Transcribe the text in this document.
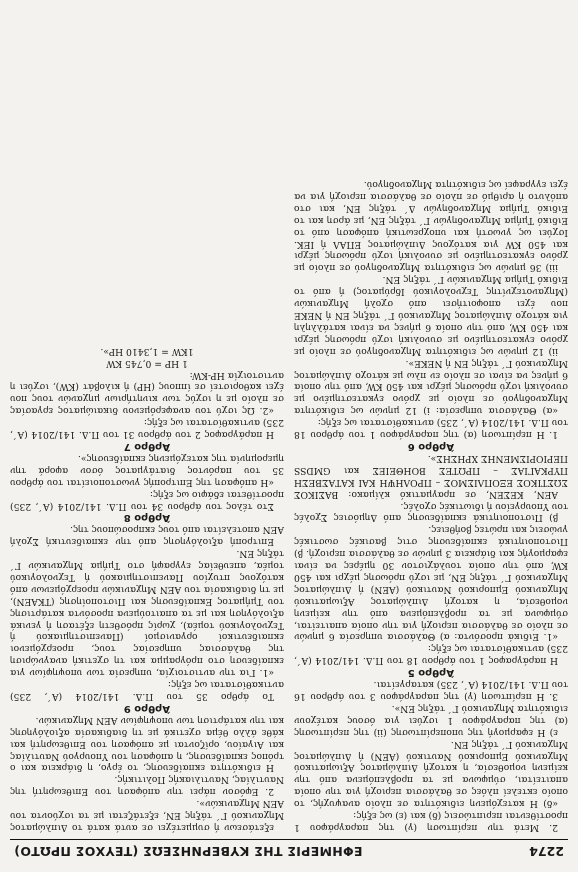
2274
ΕΦΗΜΕΡΙΣ ΤΗΣ ΚΥΒΕΡΝΗΣΕΩΣ (ΤΕΥΧΟΣ ΠΡΩΤΟ)

2. Μετά την περίπτωση (γ) της παραγράφου 1 προστίθενται περιπτώσεις (δ) και (ε) ως εξής:

«δ) Η κατεχόμενη ειδικότητα σε πλοίο αναψυχής, το οποίο εκτελεί πλόες σε θαλάσσια περιοχή για την οποία απαιτείται, σύμφωνα με τα προβλεπόμενα από την κείμενη νομοθεσία, η κατοχή Διπλώματος Αξιωματικού Μηχανικού Εμπορικού Ναυτικού (ΑΕΝ) ή Διπλώματος Μηχανικού Γ΄ τάξης ΕΝ.

ε) Η εφαρμογή της υποπερίπτωσης (ii) της περίπτωσης (α) της παραγράφου 1 ισχύει για όσους κατέχουν ειδικότητα Μηχανικού Γ΄ τάξης ΕΝ».

3. Η περίπτωση (γ) της παραγράφου 3 του άρθρου 16 του Π.Δ. 141/2014 (Α΄, 235) καταργείται.

Άρθρο 5

Η παράγραφος 1 του άρθρου 18 του Π.Δ. 141/2014 (Α΄, 235) αντικαθίσταται ως εξής:

«1. Ειδικά προσόντα: α) Θαλάσσια υπηρεσία 6 μηνών σε πλοίο σε θαλάσσια περιοχή για την οποία απαιτείται, σύμφωνα με τα προβλεπόμενα από την κείμενη νομοθεσία, η κατοχή Διπλώματος Αξιωματικού Μηχανικού Εμπορικού Ναυτικού (ΑΕΝ) ή Διπλώματος Μηχανικού Γ΄ τάξης ΕΝ, με ισχύ πρόωσης μέχρι και 450 KW, από την οποία τουλάχιστον 30 ημέρες να είναι εφαρμογής και διάρκεια 3 μηνών σε θαλάσσια περιοχή. β) Πιστοποιητικά εκπαίδευσης στις βασικές σωστικές γνώσεις και πρώτες βοήθειες.

β) Πιστοποιητικά εκπαίδευσης από Δημόσιες Σχολές του Υπουργείου ή ιδιωτικές σχολές.

ΑΕΝ, ΚΕΣΕΝ, σε πραγματικό κλίμακο: ΒΑΣΙΚΟΣ ΣΩΣΤΙΚΟΣ ΕΞΟΠΛΙΣΜΟΣ – ΠΡΟΛΗΨΗ ΚΑΙ ΚΑΤΑΣΒΕΣΗ ΠΥΡΚΑΓΙΑΣ – ΠΡΩΤΕΣ ΒΟΗΘΕΙΕΣ και GMDSS ΠΕΡΙΟΡΙΣΜΕΝΗΣ ΧΡΗΣΗΣ».

Άρθρο 6

1. Η περίπτωση (α) της παραγράφου 1 του άρθρου 18 του Π.Δ. 141/2014 (Α΄, 235) αντικαθίσταται ως εξής:

«α) Θαλάσσια υπηρεσία: i) 12 μηνών ως ειδικότητα Μηχανοδηγού σε πλοίο με χρόνο εγκατεστημένο με συνολική ισχύ πρόωσης μέχρι και 450 KW, από την οποία 6 μήνες να είναι σε πλοίο εν πλω με κάτοχο Διπλώματος Μηχανικού Γ΄ τάξης ΕΝ ή ΝΕΚΕ».

ii) 12 μηνών ως ειδικότητα Μηχανοδηγού σε πλοίο με χρόνο εγκατεστημένο με συνολική ισχύ πρόωσης μέχρι και 450 KW, από την οποία 6 μήνες να είναι κατάλληλη για κάτοχο Διπλώματος Μηχανικού Γ΄ τάξης ΕΝ ή ΝΕΚΕ που έχει αποφοιτήσει από σχολή Μηχανικών (Μηχανοτεχνίτης Τεχνολογικού Ιδρύματος) ή από το Ειδικό Τμήμα Μηχανικών Γ΄ τάξης ΕΝ.

iii) 36 μηνών ως ειδικότητα Μηχανοδηγού σε πλοίο με χρόνο εγκατεστημένο με συνολική ισχύ πρόωσης μέχρι και 450 KW για κατόχους Διπλώματος ΕΠΑΛ ή ΙΕΚ. Ισχύει ως γνωστή και υποχρεωτική απόφαση από το Ειδικό Τμήμα Μηχανοδηγών Γ΄ τάξης ΕΝ, με άρση και το Ειδικό Τμήμα Μηχανοδηγών Δ΄ τάξης ΕΝ, και στο απόλυτο ή αριθμό σε πλοίο σε θαλάσσια περιοχή για να έχει εγγραφεί ως ειδικότητα Μηχανοδηγού.

εξετάσεων ή συμμετέχει σε αυτά κατά το Διπλώματος Μηχανικού Γ΄ τάξης ΕΝ, εξετάζεται με τα ισχύοντα του ΑΕΝ Μηχανικών».

2. Εφόσον πάρει την απόφαση του Επιθεωρητή της Ναυτιλίας, Ναυτιλιακής Πολιτικής.

Η ειδικότητα εκπαίδευσης, το έργο, η διάρκεια και ο τρόπος εκπαίδευσης, η απόφαση του Υπουργού Ναυτιλίας και Αιγαίου, ορίζονται με απόφαση του Επιθεωρητή και κάθε άλλο θέμα σχετικά με τη διαδικασία αξιολόγησης και την κατάρτιση των υποψηφίων ΑΕΝ Μηχανικών.

Άρθρο 9

Το άρθρο 35 του Π.Δ. 141/2014 (Α΄, 235) αντικαθίσταται ως εξής:

«1. Για την αντιστοιχία, υπηρεσία των υποψηφίων για εκπαίδευση στο πρόγραμμα και τη σχετική αναγνώριση της θαλάσσιας υπηρεσίας τους, προερχόμενοι εκπαιδευτικοί οργανισμοί (Πανεπιστημιακού ή Τεχνολογικού τομέα), χωρίς πρόσθετη εξέταση ή γενικά αξιολόγηση και με τα απαιτούμενα προσόντα κατάρτισης του Τμήματος Εκπαίδευσης και Πιστοποίησης (ΤΚΑΕΝ), με τη διαδικασία του ΑΕΝ Μηχανικών προερχόμενων από κατόχους πτυχίου Πανεπιστημιακού ή Τεχνολογικού τομέα, απευθείας εγγραφή στο Τμήμα Μηχανικών Γ΄ τάξης ΕΝ.

Επιτροπή αξιολόγησης από την εκπαιδευτική Σχολή ΑΕΝ αποτελείται από τους εκπροσώπους της.

Άρθρο 8

Στο τέλος του άρθρου 34 του Π.Δ. 141/2014 (Α΄, 235) προστίθεται εδάφιο ως εξής:

«Η απόφαση της Επιτροπής γνωστοποιείται του άρθρου 35 του παρόντος διατάγματος όσον αφορά την ημερομηνία της κατεχόμενης εκπαίδευσης».

Άρθρο 7

Η παράγραφος 2 του άρθρου 31 του Π.Δ. 141/2014 (Α΄, 235) αντικαθίσταται ως εξής:

«2. Ως ισχύ του αναφερόμενου δικαιώματος εργασίας σε πλοίο με η ισχύς των κινητήριων μηχανών τους που έχει καθοριστεί σε ίππους (HP) ή κιλοβάτ (KW), ισχύει η αντιστοιχία HP-KW:

1 HP = 0,745 KW

1KW = 1,3410 HP».
